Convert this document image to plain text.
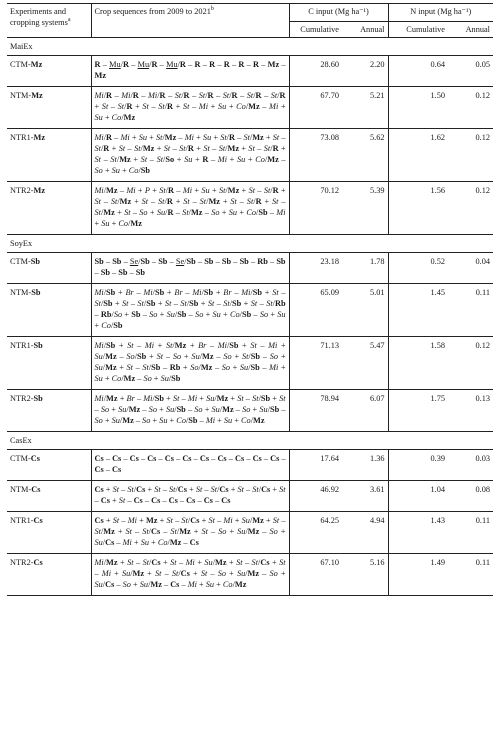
Experiments and cropping systems$^a$	Crop sequences from 2009 to 2021$^b$	C input (Mg ha⁻¹)		N input (Mg ha⁻¹)	
		Cumulative	Annual	Cumulative	Annual
MaiEx					
CTM-Mz	R – Mu/R – Mu/R – Mu/R – R – R – R – R – R – Mz – Mz	28.60	2.20	0.64	0.05
NTM-Mz	Mi/R – Mi/R – Mi/R – St/R – St/R – St/R – St/R – St/R + St – St/R + St – St/R + St – Mi + Su + Co/Mz – Mi + Su + Co/Mz	67.70	5.21	1.50	0.12
NTR1-Mz	Mi/R – Mi + Su + St/Mz – Mi + Su + St/R – St/Mz + St – St/R + St – St/Mz + St – St/R + St – St/Mz + St – St/R + St – St/Mz + St – St/So + Su + R – Mi + Su + Co/Mz – So + Su + Co/Sb	73.08	5.62	1.62	0.12
NTR2-Mz	Mi/Mz – Mi + P + St/R – Mi + Su + St/Mz + St – St/R + St – St/Mz + St – St/R + St – St/Mz + St – St/R + St – St/Mz + St – So + Su/R – St/Mz – So + Su + Co/Sb – Mi + Su + Co/Mz	70.12	5.39	1.56	0.12
SoyEx					
CTM-Sb	Sb – Sb – Se/Sb – Sb – Se/Sb – Sb – Sb – Sb – Rb – Sb – Sb – Sb – Sb	23.18	1.78	0.52	0.04
NTM-Sb	Mi/Sb + Br – Mi/Sb + Br – Mi/Sb + Br – Mi/Sb + St – St/Sb + St – St/Sb + St – St/Sb + St – St/Sb + St – St/Rb – Rb/So + Sb – So + Su/Sb – So + Su + Co/Sb – So + Su + Co/Sb	65.09	5.01	1.45	0.11
NTR1-Sb	Mi/Sb + St – Mi + St/Mz + Br – Mi/Sb + St – Mi + Su/Mz – So/Sb + St – So + Su/Mz – So + St/Sb – So + Su/Mz + St – St/Sb – Rb + So/Mz – So + Su/Sb – Mi + Su + Co/Mz – So + Su/Sb	71.13	5.47	1.58	0.12
NTR2-Sb	Mi/Mz + Br – Mi/Sb + St – Mi + Su/Mz + St – St/Sb + St – So + Su/Mz – So + Su/Sb – So + Su/Mz – So + Su/Sb – So + Su/Mz – So + Su + Co/Sb – Mi + Su + Co/Mz	78.94	6.07	1.75	0.13
CasEx					
CTM-Cs	Cs – Cs – Cs – Cs – Cs – Cs – Cs – Cs – Cs – Cs – Cs – Cs – Cs	17.64	1.36	0.39	0.03
NTM-Cs	Cs + St – St/Cs + St – St/Cs + St – St/Cs + St – St/Cs + St – Cs + St – Cs – Cs – Cs – Cs – Cs – Cs	46.92	3.61	1.04	0.08
NTR1-Cs	Cs + St – Mi + Mz + St – St/Cs + St – Mi + Su/Mz + St – St/Mz + St – St/Cs – St/Mz + St – So + Su/Mz – So + Su/Cs – Mi + Su + Co/Mz – Cs	64.25	4.94	1.43	0.11
NTR2-Cs	Mi/Mz + St – St/Cs + St – Mi + Su/Mz + St – St/Cs + St – Mi + Su/Mz + St – St/Cs + St – So + Su/Mz – So + Su/Cs – So + Su/Mz – Cs – Mi + Su + Co/Mz	67.10	5.16	1.49	0.11
